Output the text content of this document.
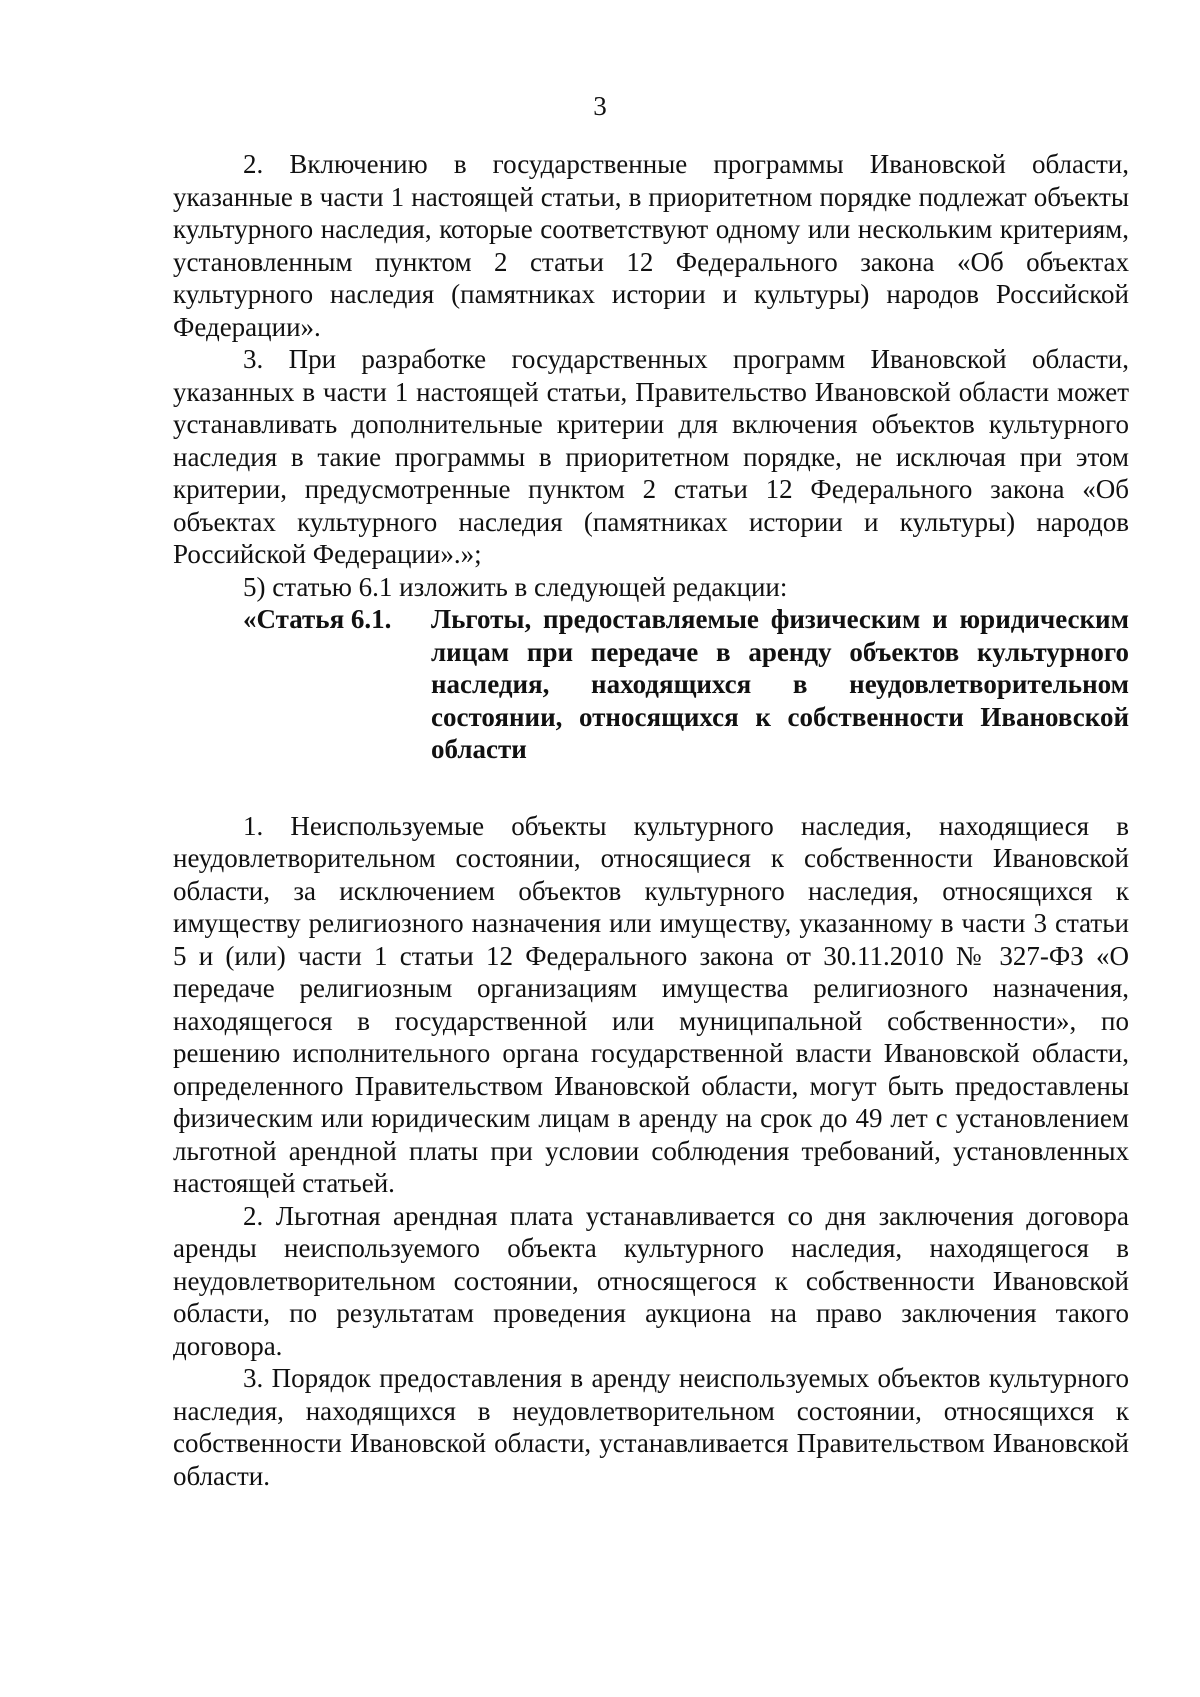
3

2. Включению в государственные программы Ивановской области, указанные в части 1 настоящей статьи, в приоритетном порядке подлежат объекты культурного наследия, которые соответствуют одному или нескольким критериям, установленным пунктом 2 статьи 12 Федерального закона «Об объектах культурного наследия (памятниках истории и культуры) народов Российской Федерации».

3. При разработке государственных программ Ивановской области, указанных в части 1 настоящей статьи, Правительство Ивановской области может устанавливать дополнительные критерии для включения объектов культурного наследия в такие программы в приоритетном порядке, не исключая при этом критерии, предусмотренные пунктом 2 статьи 12 Федерального закона «Об объектах культурного наследия (памятниках истории и культуры) народов Российской Федерации».»;

5) статью 6.1 изложить в следующей редакции:

«Статья 6.1.	Льготы, предоставляемые физическим и юридическим лицам при передаче в аренду объектов культурного наследия, находящихся в неудовлетворительном состоянии, относящихся к собственности Ивановской области

1. Неиспользуемые объекты культурного наследия, находящиеся в неудовлетворительном состоянии, относящиеся к собственности Ивановской области, за исключением объектов культурного наследия, относящихся к имуществу религиозного назначения или имуществу, указанному в части 3 статьи 5 и (или) части 1 статьи 12 Федерального закона от 30.11.2010 № 327-ФЗ «О передаче религиозным организациям имущества религиозного назначения, находящегося в государственной или муниципальной собственности», по решению исполнительного органа государственной власти Ивановской области, определенного Правительством Ивановской области, могут быть предоставлены физическим или юридическим лицам в аренду на срок до 49 лет с установлением льготной арендной платы при условии соблюдения требований, установленных настоящей статьей.

2. Льготная арендная плата устанавливается со дня заключения договора аренды неиспользуемого объекта культурного наследия, находящегося в неудовлетворительном состоянии, относящегося к собственности Ивановской области, по результатам проведения аукциона на право заключения такого договора.

3. Порядок предоставления в аренду неиспользуемых объектов культурного наследия, находящихся в неудовлетворительном состоянии, относящихся к собственности Ивановской области, устанавливается Правительством Ивановской области.
